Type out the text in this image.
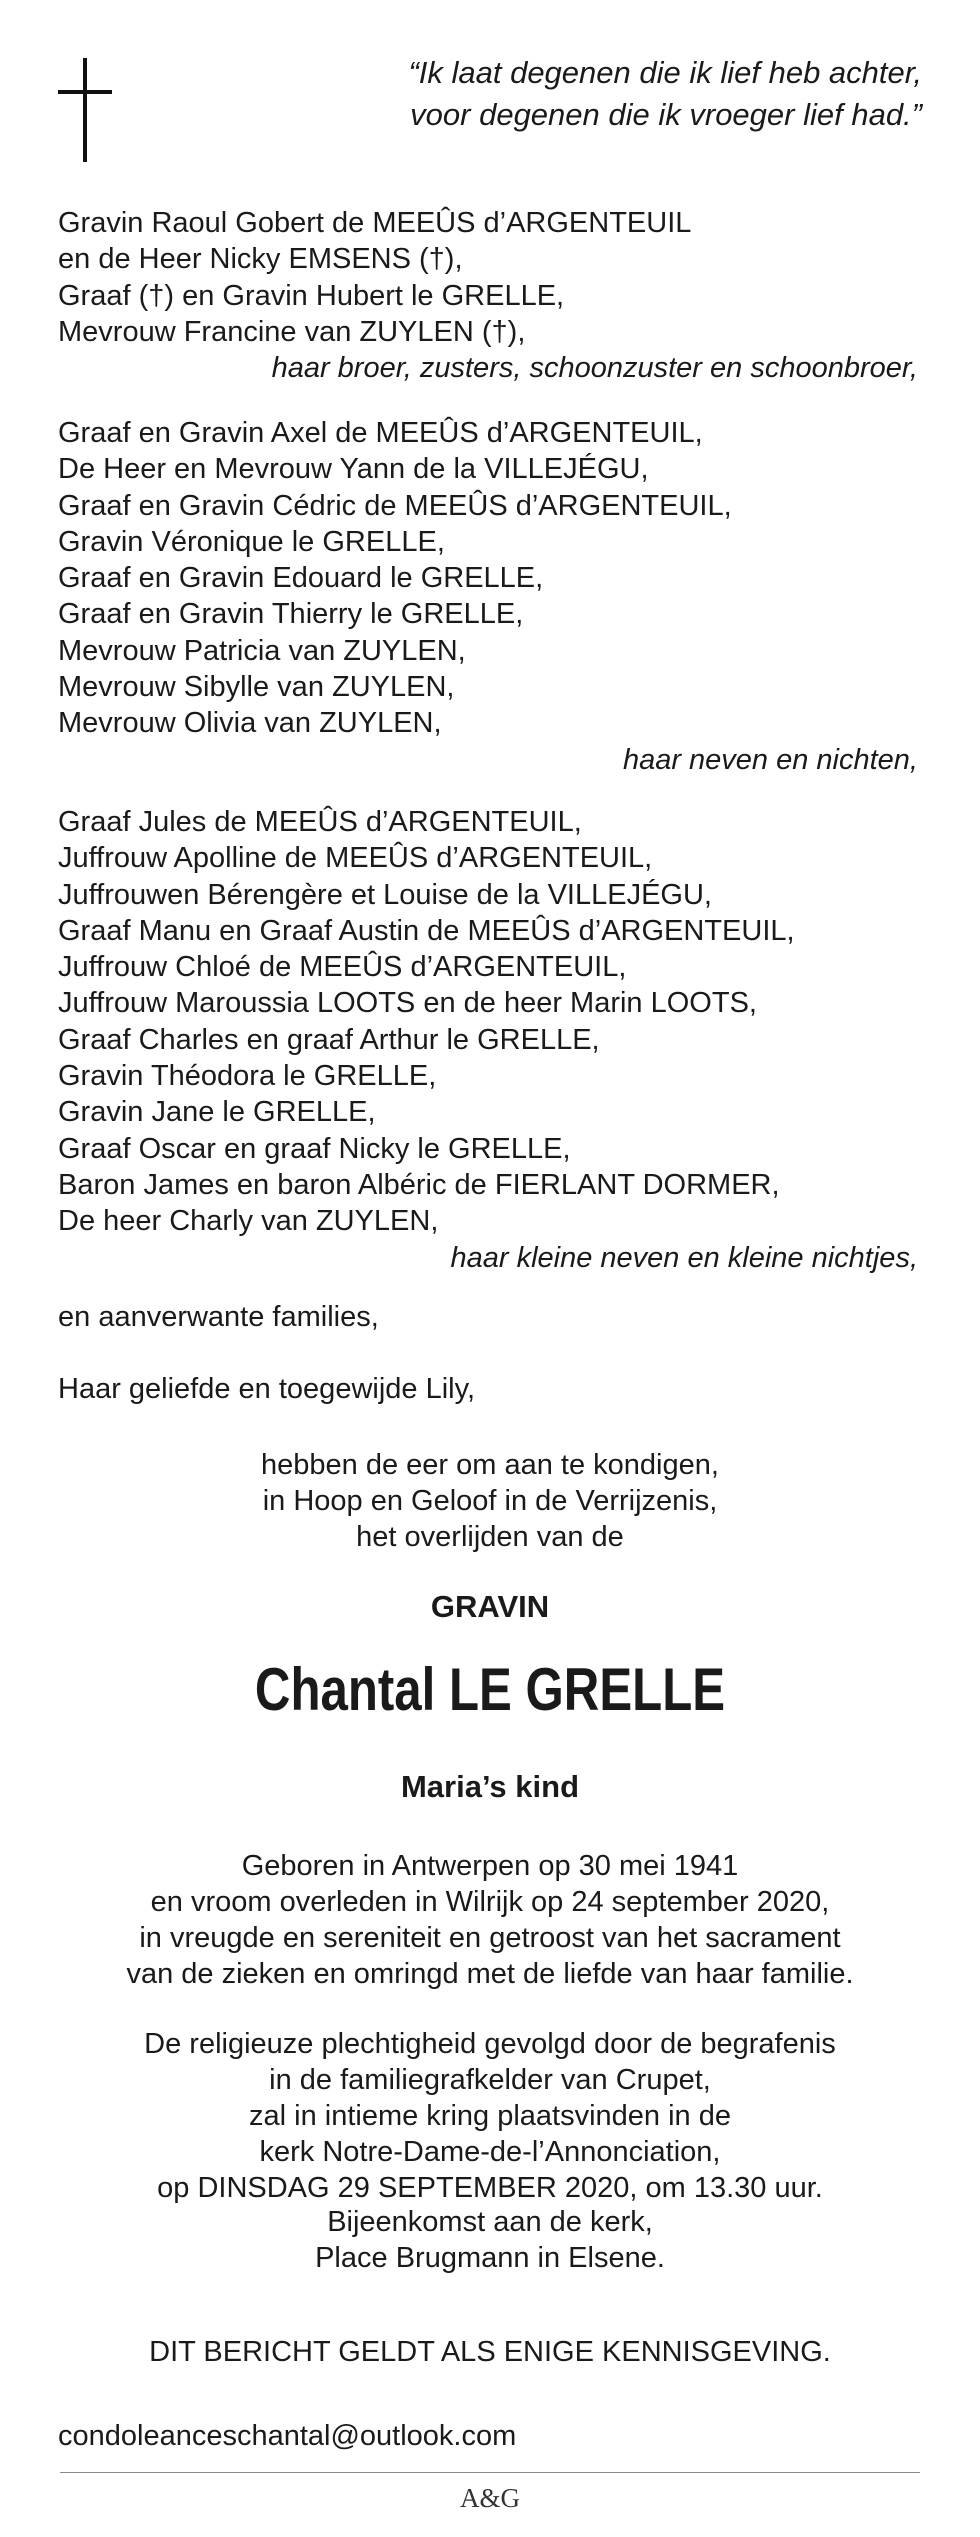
“Ik laat degenen die ik lief heb achter,
voor degenen die ik vroeger lief had.”
Gravin Raoul Gobert de MEEÛS d’ARGENTEUIL
en de Heer Nicky EMSENS (†),
Graaf (†) en Gravin Hubert le GRELLE,
Mevrouw Francine van ZUYLEN (†),
haar broer, zusters, schoonzuster en schoonbroer,
Graaf en Gravin Axel de MEEÛS d’ARGENTEUIL,
De Heer en Mevrouw Yann de la VILLEJÉGU,
Graaf en Gravin Cédric de MEEÛS d’ARGENTEUIL,
Gravin Véronique le GRELLE,
Graaf en Gravin Edouard le GRELLE,
Graaf en Gravin Thierry le GRELLE,
Mevrouw Patricia van ZUYLEN,
Mevrouw Sibylle van ZUYLEN,
Mevrouw Olivia van ZUYLEN,
haar neven en nichten,
Graaf Jules de MEEÛS d’ARGENTEUIL,
Juffrouw Apolline de MEEÛS d’ARGENTEUIL,
Juffrouwen Bérengère et Louise de la VILLEJÉGU,
Graaf Manu en Graaf Austin de MEEÛS d’ARGENTEUIL,
Juffrouw Chloé de MEEÛS d’ARGENTEUIL,
Juffrouw Maroussia LOOTS en de heer Marin LOOTS,
Graaf Charles en graaf Arthur le GRELLE,
Gravin Théodora le GRELLE,
Gravin Jane le GRELLE,
Graaf Oscar en graaf Nicky le GRELLE,
Baron James en baron Albéric de FIERLANT DORMER,
De heer Charly van ZUYLEN,
haar kleine neven en kleine nichtjes,
en aanverwante families,
Haar geliefde en toegewijde Lily,
hebben de eer om aan te kondigen,
in Hoop en Geloof in de Verrijzenis,
het overlijden van de
GRAVIN
Chantal LE GRELLE
Maria’s kind
Geboren in Antwerpen op 30 mei 1941
en vroom overleden in Wilrijk op 24 september 2020,
in vreugde en sereniteit en getroost van het sacrament
van de zieken en omringd met de liefde van haar familie.
De religieuze plechtigheid gevolgd door de begrafenis
in de familiegrafkelder van Crupet,
zal in intieme kring plaatsvinden in de
kerk Notre-Dame-de-l’Annonciation,
op DINSDAG 29 SEPTEMBER 2020, om 13.30 uur.
Bijeenkomst aan de kerk,
Place Brugmann in Elsene.
DIT BERICHT GELDT ALS ENIGE KENNISGEVING.
condoleanceschantal@outlook.com
A&G
